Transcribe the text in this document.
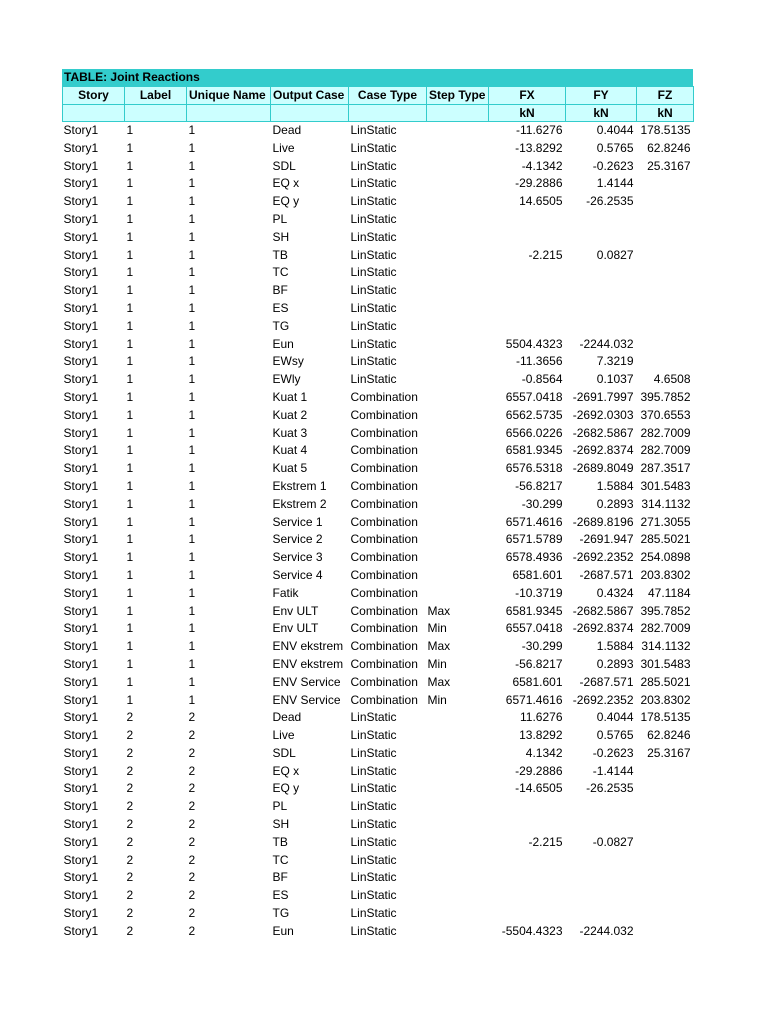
TABLE: Joint Reactions
Story	Label	Unique Name	Output Case	Case Type	Step Type	FX	FY	FZ
						kN	kN	kN
Story1	1	1	Dead	LinStatic		-11.6276	0.4044	178.5135
Story1	1	1	Live	LinStatic		-13.8292	0.5765	62.8246
Story1	1	1	SDL	LinStatic		-4.1342	-0.2623	25.3167
Story1	1	1	EQ x	LinStatic		-29.2886	1.4144	
Story1	1	1	EQ y	LinStatic		14.6505	-26.2535	
Story1	1	1	PL	LinStatic				
Story1	1	1	SH	LinStatic				
Story1	1	1	TB	LinStatic		-2.215	0.0827	
Story1	1	1	TC	LinStatic				
Story1	1	1	BF	LinStatic				
Story1	1	1	ES	LinStatic				
Story1	1	1	TG	LinStatic				
Story1	1	1	Eun	LinStatic		5504.4323	-2244.032	
Story1	1	1	EWsy	LinStatic		-11.3656	7.3219	
Story1	1	1	EWly	LinStatic		-0.8564	0.1037	4.6508
Story1	1	1	Kuat 1	Combination		6557.0418	-2691.7997	395.7852
Story1	1	1	Kuat 2	Combination		6562.5735	-2692.0303	370.6553
Story1	1	1	Kuat 3	Combination		6566.0226	-2682.5867	282.7009
Story1	1	1	Kuat 4	Combination		6581.9345	-2692.8374	282.7009
Story1	1	1	Kuat 5	Combination		6576.5318	-2689.8049	287.3517
Story1	1	1	Ekstrem 1	Combination		-56.8217	1.5884	301.5483
Story1	1	1	Ekstrem 2	Combination		-30.299	0.2893	314.1132
Story1	1	1	Service 1	Combination		6571.4616	-2689.8196	271.3055
Story1	1	1	Service 2	Combination		6571.5789	-2691.947	285.5021
Story1	1	1	Service 3	Combination		6578.4936	-2692.2352	254.0898
Story1	1	1	Service 4	Combination		6581.601	-2687.571	203.8302
Story1	1	1	Fatik	Combination		-10.3719	0.4324	47.1184
Story1	1	1	Env ULT	Combination	Max	6581.9345	-2682.5867	395.7852
Story1	1	1	Env ULT	Combination	Min	6557.0418	-2692.8374	282.7009
Story1	1	1	ENV ekstrem	Combination	Max	-30.299	1.5884	314.1132
Story1	1	1	ENV ekstrem	Combination	Min	-56.8217	0.2893	301.5483
Story1	1	1	ENV Service	Combination	Max	6581.601	-2687.571	285.5021
Story1	1	1	ENV Service	Combination	Min	6571.4616	-2692.2352	203.8302
Story1	2	2	Dead	LinStatic		11.6276	0.4044	178.5135
Story1	2	2	Live	LinStatic		13.8292	0.5765	62.8246
Story1	2	2	SDL	LinStatic		4.1342	-0.2623	25.3167
Story1	2	2	EQ x	LinStatic		-29.2886	-1.4144	
Story1	2	2	EQ y	LinStatic		-14.6505	-26.2535	
Story1	2	2	PL	LinStatic				
Story1	2	2	SH	LinStatic				
Story1	2	2	TB	LinStatic		-2.215	-0.0827	
Story1	2	2	TC	LinStatic				
Story1	2	2	BF	LinStatic				
Story1	2	2	ES	LinStatic				
Story1	2	2	TG	LinStatic				
Story1	2	2	Eun	LinStatic		-5504.4323	-2244.032	
